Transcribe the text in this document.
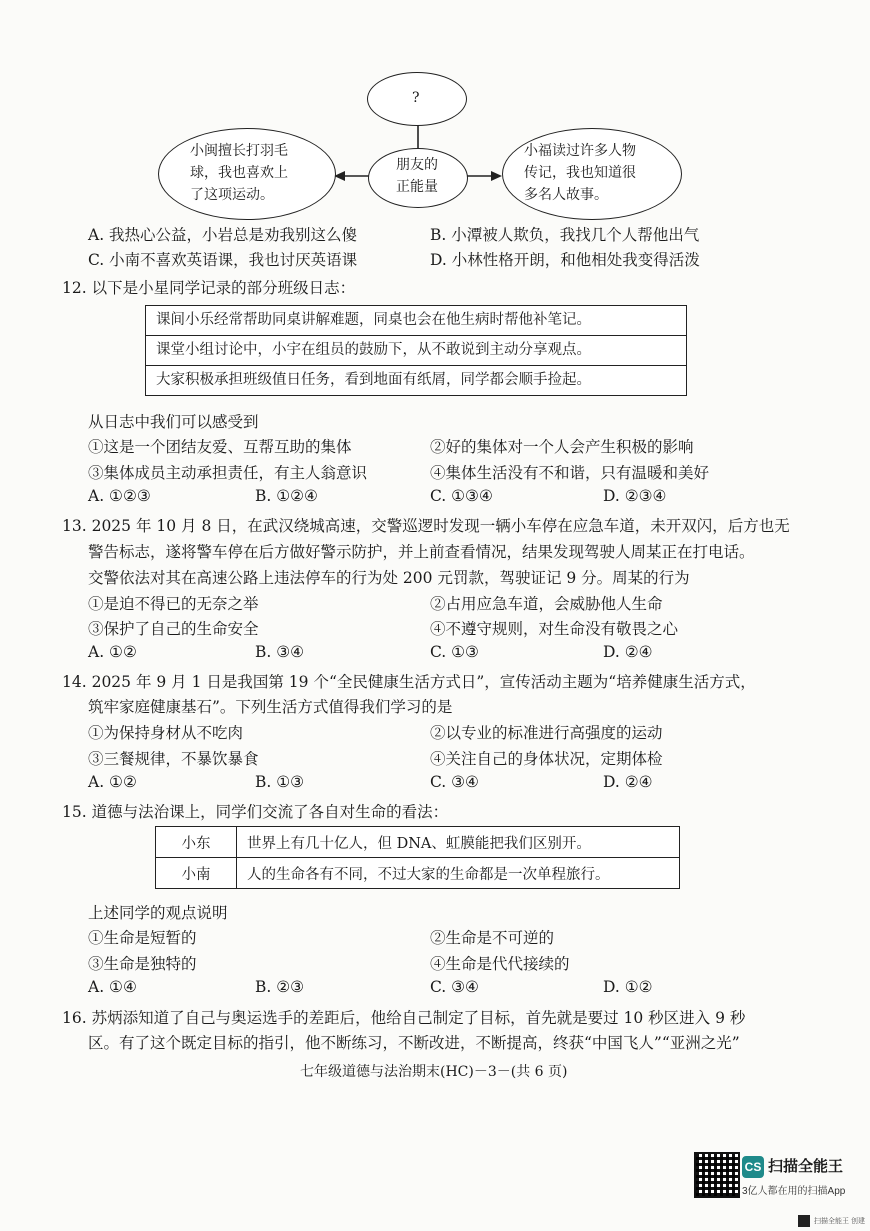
?
小闽擅长打羽毛
球，我也喜欢上
了这项运动。
朋友的
正能量
小福读过许多人物
传记，我也知道很
多名人故事。
A. 我热心公益，小岩总是劝我别这么傻	B. 小潭被人欺负，我找几个人帮他出气
C. 小南不喜欢英语课，我也讨厌英语课	D. 小林性格开朗，和他相处我变得活泼
12. 以下是小星同学记录的部分班级日志：
课间小乐经常帮助同桌讲解难题，同桌也会在他生病时帮他补笔记。
课堂小组讨论中，小宇在组员的鼓励下，从不敢说到主动分享观点。
大家积极承担班级值日任务，看到地面有纸屑，同学都会顺手捡起。
从日志中我们可以感受到
①这是一个团结友爱、互帮互助的集体	②好的集体对一个人会产生积极的影响
③集体成员主动承担责任，有主人翁意识	④集体生活没有不和谐，只有温暖和美好
A. ①②③	B. ①②④	C. ①③④	D. ②③④
13. 2025 年 10 月 8 日，在武汉绕城高速，交警巡逻时发现一辆小车停在应急车道，未开双闪，后方也无
警告标志，遂将警车停在后方做好警示防护，并上前查看情况，结果发现驾驶人周某正在打电话。
交警依法对其在高速公路上违法停车的行为处 200 元罚款，驾驶证记 9 分。周某的行为
①是迫不得已的无奈之举	②占用应急车道，会威胁他人生命
③保护了自己的生命安全	④不遵守规则，对生命没有敬畏之心
A. ①②	B. ③④	C. ①③	D. ②④
14. 2025 年 9 月 1 日是我国第 19 个“全民健康生活方式日”，宣传活动主题为“培养健康生活方式，
筑牢家庭健康基石”。下列生活方式值得我们学习的是
①为保持身材从不吃肉	②以专业的标准进行高强度的运动
③三餐规律，不暴饮暴食	④关注自己的身体状况，定期体检
A. ①②	B. ①③	C. ③④	D. ②④
15. 道德与法治课上，同学们交流了各自对生命的看法：
小东	世界上有几十亿人，但 DNA、虹膜能把我们区别开。
小南	人的生命各有不同，不过大家的生命都是一次单程旅行。
上述同学的观点说明
①生命是短暂的	②生命是不可逆的
③生命是独特的	④生命是代代接续的
A. ①④	B. ②③	C. ③④	D. ①②
16. 苏炳添知道了自己与奥运选手的差距后，他给自己制定了目标，首先就是要过 10 秒区进入 9 秒
区。有了这个既定目标的指引，他不断练习，不断改进，不断提高，终获“中国飞人”“亚洲之光”
七年级道德与法治期末(HC)－3－(共 6 页)
CS 扫描全能王
3亿人都在用的扫描App
扫描全能王 创建
